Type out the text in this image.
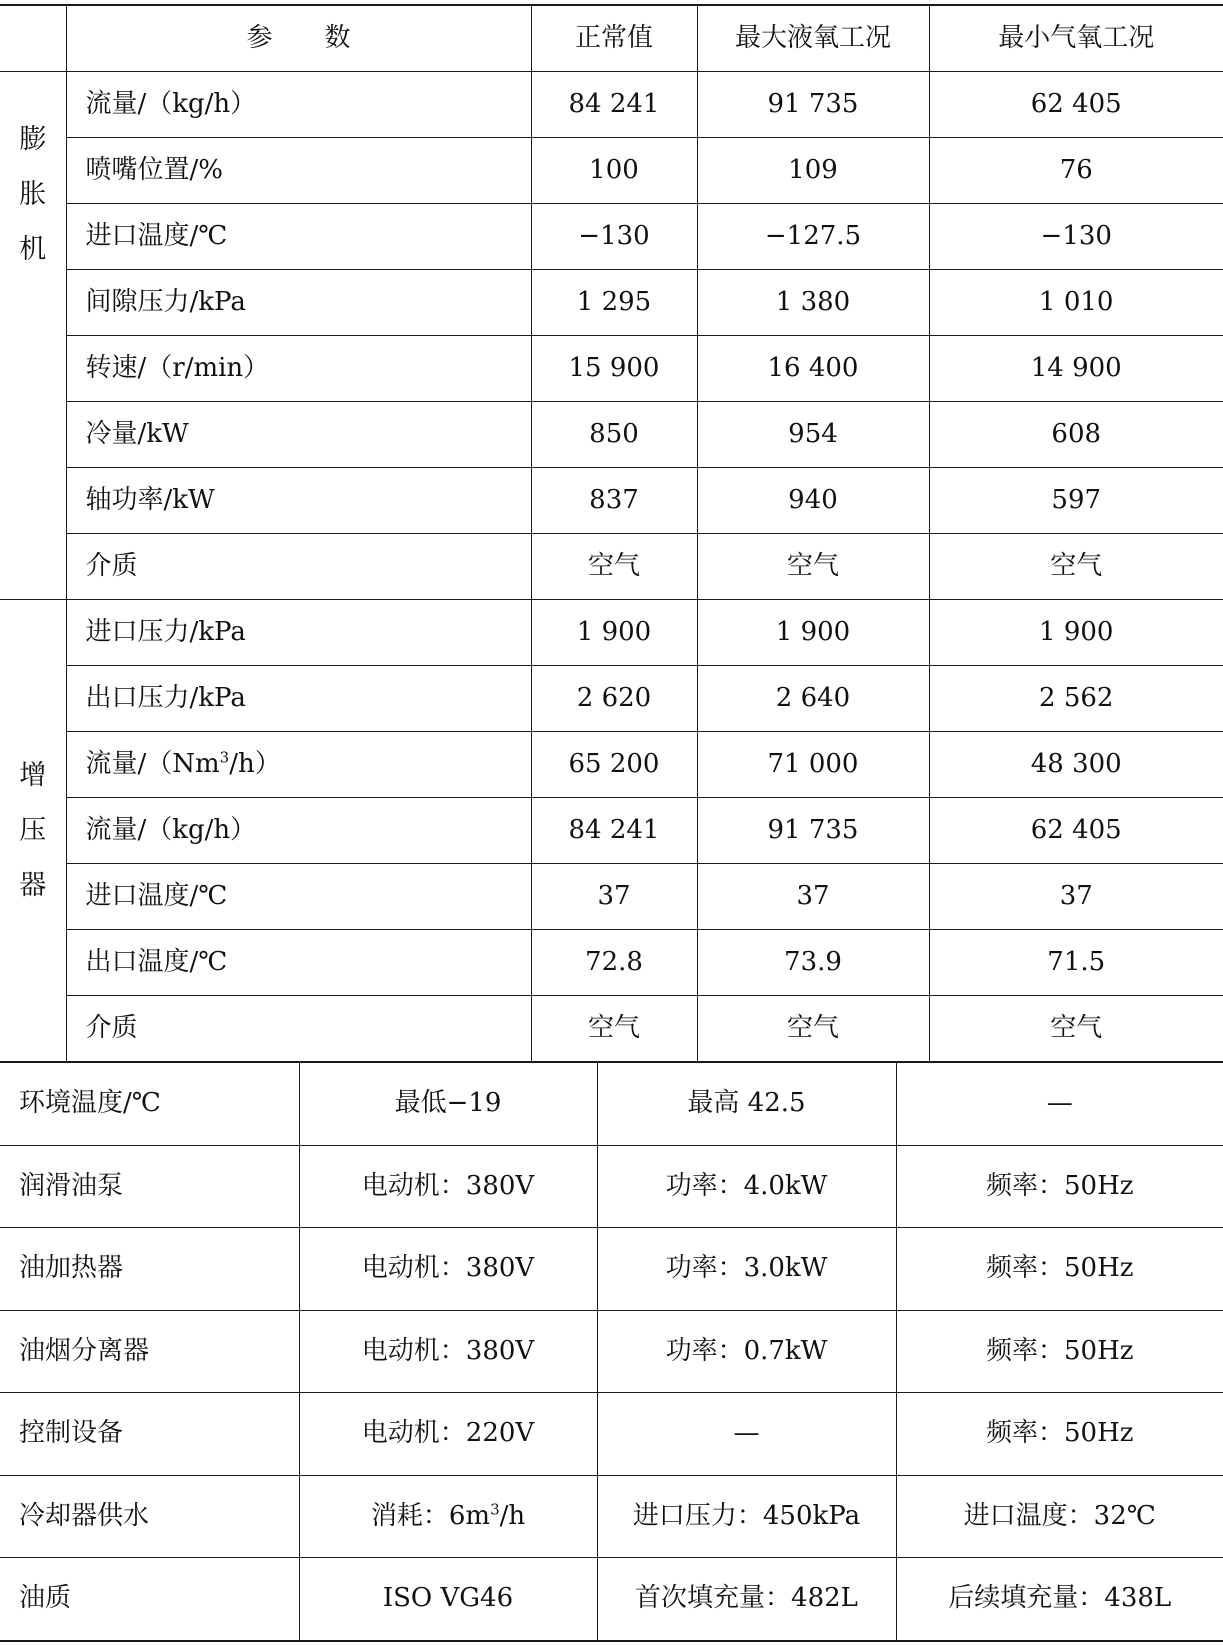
	参　　数	正常值	最大液氧工况	最小气氧工况

膨
胀
机	流量/（kg/h）	84 241	91 735	62 405
	喷嘴位置/%	100	109	76
	进口温度/℃	−130	−127.5	−130
	间隙压力/kPa	1 295	1 380	1 010
	转速/（r/min）	15 900	16 400	14 900
	冷量/kW	850	954	608
	轴功率/kW	837	940	597
	介质	空气	空气	空气

增
压
器	进口压力/kPa	1 900	1 900	1 900
	出口压力/kPa	2 620	2 640	2 562
	流量/（Nm$^3$/h）	65 200	71 000	48 300
	流量/（kg/h）	84 241	91 735	62 405
	进口温度/℃	37	37	37
	出口温度/℃	72.8	73.9	71.5
	介质	空气	空气	空气
环境温度/℃	最低−19	最高 42.5	—
润滑油泵	电动机：380V	功率：4.0kW	频率：50Hz
油加热器	电动机：380V	功率：3.0kW	频率：50Hz
油烟分离器	电动机：380V	功率：0.7kW	频率：50Hz
控制设备	电动机：220V	—	频率：50Hz
冷却器供水	消耗：$6m^3/h$	进口压力：450kPa	进口温度：32℃
油质	ISO VG46	首次填充量：482L	后续填充量：438L
